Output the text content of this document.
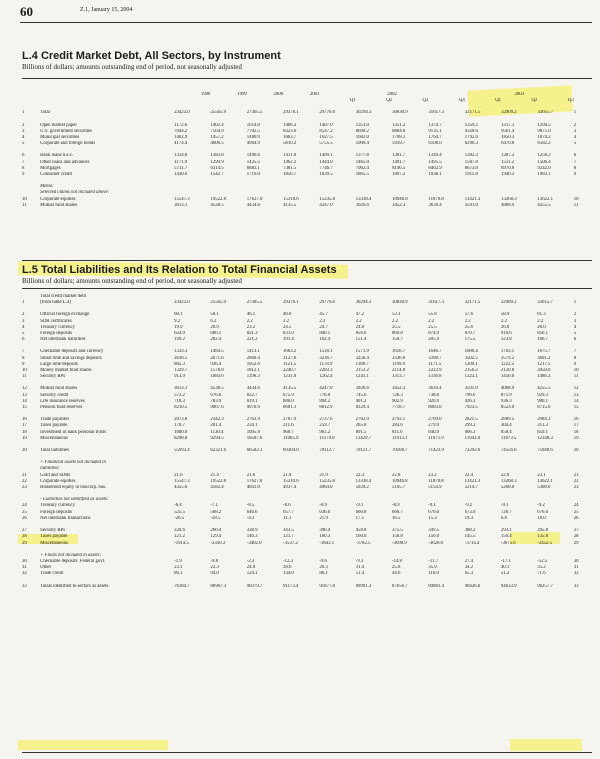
60	Z.1, January 15, 2004
L.4 Credit Market Debt, All Sectors, by Instrument
Billions of dollars; amounts outstanding end of period, not seasonally adjusted
		1998	1999	2000	2001	2002				2003			
						Q1	Q2	Q3	Q4	Q1	Q2	Q3	

1	Total	23423.0	25565.9	27305.5	29376.1	29776.6	30294.3	30830.9	31617.3	32171.5	32909.2	33615.7	1

2	Open market paper	1172.6	1402.4	1614.0	1466.2	1407.0	1351.0	1351.2	1374.7	1359.2	1317.1	1294.5	2
3	U.S. government securities	7044.2	7564.9	7702.5	8323.6	8547.2	8690.2	8884.8	9135.1	9328.6	9561.4	9875.0	3
4	Municipal securities	1402.9	1457.2	1480.9	1603.7	1627.5	1682.0	1708.1	1764.7	1792.6	1850.3	1874.2	4
5	Corporate and foreign bonds	4174.4	4600.5	4964.9	5610.2	5755.5	5900.4	5939.7	6108.0	6296.3	6470.8	6582.2	5

6	Bank loans n.e.c.	1314.8	1383.8	1496.6	1411.0	1409.1	1377.8	1361.7	1349.4	1302.3	1287.2	1258.2	6
7	Other loans and advances	1171.9	1299.9	1425.5	1462.2	1444.0	1465.0	1491.7	1495.5	1507.8	1511.2	1506.4	7
8	Mortgages	5711.7	6314.5	6883.1	7381.5	7746.7	7962.4	8196.5	8462.9	8673.0	8970.8	9242.0	8
9	Consumer credit	1430.6	1542.7	1719.0	1856.7	1839.5	1865.5	1897.2	1938.1	1911.8	1940.3	1983.1	9

	Memo:												
	Selected claims not included above:												
10	Corporate equities	15547.3	19522.8	17627.0	15310.6	15235.8	13338.4	10946.8	11870.8	11421.3	13268.3	13622.1	10
11	Mutual fund shares	3613.1	4538.5	4434.6	4135.5	4247.0	3926.6	3452.3	3639.4	3591.0	4068.9	4255.5	11
L.5 Total Liabilities and Its Relation to Total Financial Assets
Billions of dollars; amounts outstanding end of period, not seasonally adjusted
	Total credit market debt												
1	(from table L.4)	23423.0	25565.9	27305.5	29376.1	29776.6	30294.3	30830.9	31617.3	32171.5	32909.2	33615.7	1

2	Official foreign exchange	60.1	50.1	46.1	46.8	45.7	47.2	53.1	55.8	57.6	58.9	61.3	2
3	SDR certificates	9.2	6.2	2.2	2.2	2.2	2.2	2.2	2.2	2.2	2.2	2.2	3
4	Treasury currency	19.9	20.9	23.2	24.5	24.7	24.8	25.5	25.5	25.6	26.0	26.0	4
5	Foreign deposits	624.9	686.1	821.3	831.0	840.1	856.6	869.8	874.9	870.7	910.6	850.1	5
6	Net interbank liabilities	199.2	202.4	221.2	191.4	162.4	151.4	150.7	205.9	175.5	123.8	166.7	6

7	Checkable deposits and currency	1333.3	1484.5	1413.1	1603.2	1518.1	1571.9	1610.7	1646.7	1680.4	1703.1	1675.7	7
8	Small time and savings deposits	2636.5	2671.6	2860.4	3127.6	3236.7	3256.4	3336.8	3398.7	3502.5	3579.2	3601.2	8
9	Large time deposits	805.3	936.4	1052.6	1121.5	1178.9	1188.7	1199.9	1171.5	1209.1	1222.5	1217.5	9
10	Money market fund shares	1329.7	1578.8	1812.1	2240.7	2203.3	2151.2	2114.8	2223.9	2156.2	2120.8	2058.0	10
11	Security RPs	913.9	1083.6	1196.3	1231.8	1262.4	1241.1	1313.7	1336.8	1323.1	1450.0	1486.3	11

12	Mutual fund shares	3613.1	4538.5	4434.6	4135.5	4247.0	3926.6	3452.3	3639.4	3591.0	4068.9	4255.5	12
13	Security credit	572.2	676.6	822.7	675.9	778.0	745.6	726.3	738.8	796.6	871.9	929.3	13
14	Life insurance reserves	718.3	783.9	819.1	880.0	894.2	901.2	902.9	920.9	926.3	936.3	980.1	14
15	Pension fund reserves	8210.5	9067.6	9070.9	8681.1	8812.9	8329.4	7718.7	8003.0	7923.5	8523.0	8715.0	15

16	Trade payables	2073.8	2342.3	2763.9	2707.9	2737.6	2762.0	2793.1	2769.0	2821.5	2889.5	2984.3	16
17	Taxes payable	170.7	201.4	234.1	211.6	259.7	265.8	283.6	279.9	299.3	304.4	313.3	17
18	Investment in bank personal trusts	1000.0	1130.4	1095.8	960.7	963.2	891.5	811.6	840.9	806.3	858.4	859.1	18
19	Miscellaneous	8298.8	9294.5	10507.6	11005.9	11179.0	11429.7	11913.1	11671.9	11943.8	11873.5	12148.3	19

20	Total liabilities	55993.4	62321.6	66502.3	69304.0	70112.7	70121.7	70108.7	71423.9	72292.6	74556.6	75948.6	20

	+ Financial assets not included in												
	liabilities:												
21	Gold and SDRs	21.6	21.4	21.6	21.8	21.9	22.3	22.8	23.2	22.4	22.8	23.1	21
22	Corporate equities	15547.3	19522.8	17627.0	15310.6	15235.8	13338.4	10946.8	11870.8	11421.3	13268.3	13622.1	22
23	Household equity in noncorp. bus.	4355.6	4582.4	4841.0	4937.4	4964.0	5029.2	5105.7	5154.9	5214.7	5260.0	5308.0	23

	- Liabilities not identified as assets:												
24	Treasury currency	-6.4	-7.1	-8.5	-8.6	-8.9	-9.1	-8.9	-9.1	-9.2	-9.1	-9.2	24
25	Foreign deposits	525.5	568.2	646.6	657.7	636.0	660.8	666.7	676.0	673.0	726.7	676.0	25
26	Net interbank transactions	-26.5	-28.5	-4.3	11.1	21.9	17.5	16.5	15.3	19.3	6.8	18.0	26

27	Security RPs	220.6	266.4	338.9	343.5	396.4	458.8	375.5	349.5	388.2	293.1	295.8	27
28	Taxes payable	121.2	129.4	146.3	121.7	160.3	160.0	156.8	156.0	145.5	150.4	135.8	28
29	Miscellaneous	-1914.5	-2330.3	-3402.0	-3537.2	-3643.1	-3702.5	-3690.9	-3628.0	-3714.4	-3675.6	-3452.5	29

	+ Floats not included in assets:												
30	Checkable deposits: Federal govt.	-1.9	-9.8	-2.3	-12.3	-9.6	-9.3	-14.8	-11.7	27.4	-17.1	-52.5	30
31	Other	23.1	22.3	24.0	28.6	26.3	31.4	25.8	35.9	34.2	40.1	35.2	31
32	Trade credit	86.1	94.0	124.1	134.0	86.1	51.4	44.6	110.0	65.3	51.2	71.6	32

33	Totals identified to sectors as assets	76184.7	86967.3	90379.7	91173.4	91877.8	89991.3	87656.7	89881.4	90436.6	94633.9	96257.7	33
